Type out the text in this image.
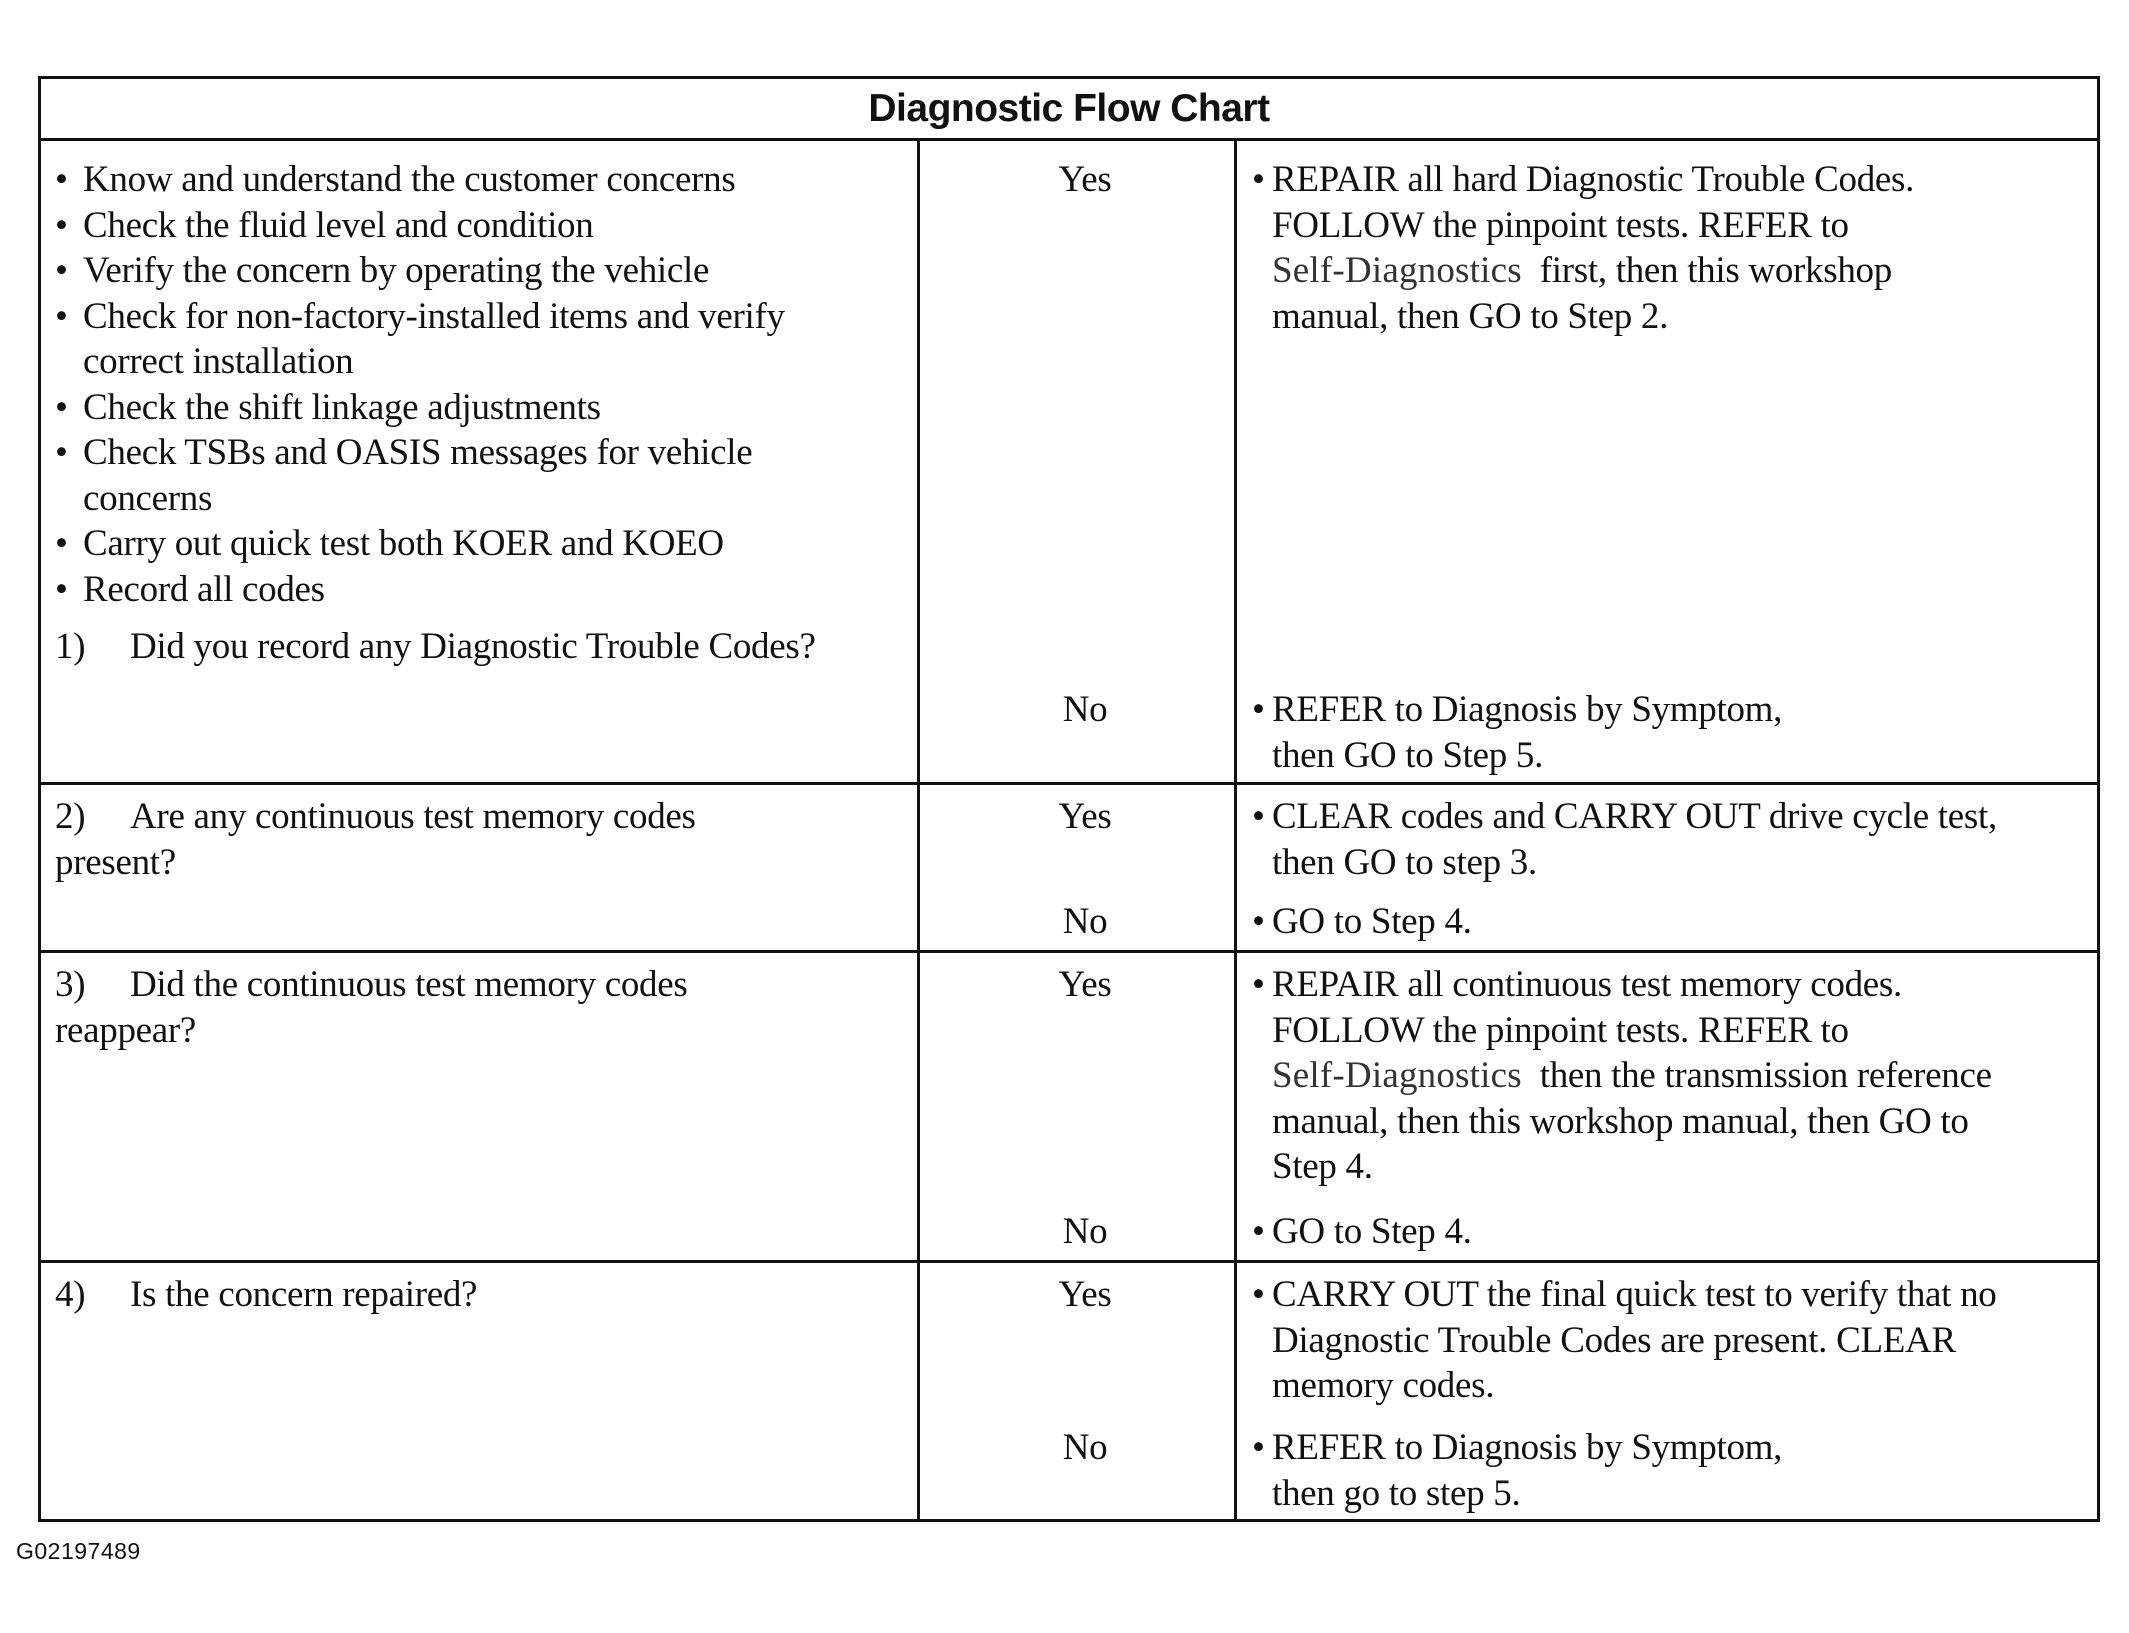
Diagnostic Flow Chart
• Know and understand the customer concerns
• Check the fluid level and condition
• Verify the concern by operating the vehicle
• Check for non-factory-installed items and verify
correct installation
• Check the shift linkage adjustments
• Check TSBs and OASIS messages for vehicle
concerns
• Carry out quick test both KOER and KOEO
• Record all codes
1)	Did you record any Diagnostic Trouble Codes?
Yes	• REPAIR all hard Diagnostic Trouble Codes.
FOLLOW the pinpoint tests. REFER to
Self-Diagnostics first, then this workshop
manual, then GO to Step 2.
No	• REFER to Diagnosis by Symptom,
then GO to Step 5.
2)	Are any continuous test memory codes
present?
Yes	• CLEAR codes and CARRY OUT drive cycle test,
then GO to step 3.
No	• GO to Step 4.
3)	Did the continuous test memory codes
reappear?
Yes	• REPAIR all continuous test memory codes.
FOLLOW the pinpoint tests. REFER to
Self-Diagnostics then the transmission reference
manual, then this workshop manual, then GO to
Step 4.
No	• GO to Step 4.
4)	Is the concern repaired?	Yes	• CARRY OUT the final quick test to verify that no
Diagnostic Trouble Codes are present. CLEAR
memory codes.
No	• REFER to Diagnosis by Symptom,
then go to step 5.
G02197489
